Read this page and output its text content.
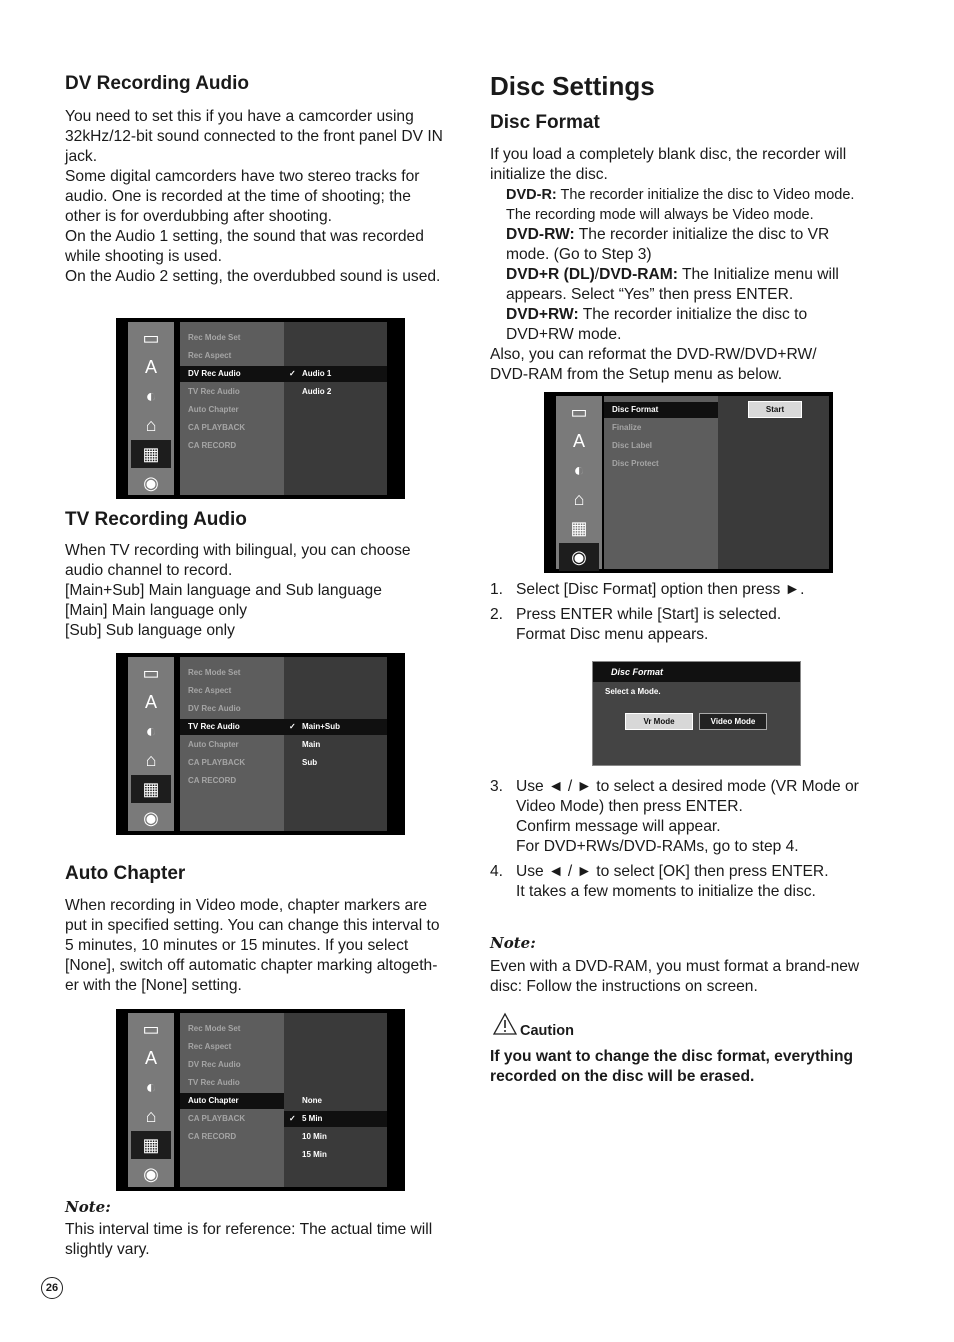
DV Recording Audio
You need to set this if you have a camcorder using
32kHz/12-bit sound connected to the front panel DV IN
jack.
Some digital camcorders have two stereo tracks for
audio. One is recorded at the time of shooting; the
other is for overdubbing after shooting.
On the Audio 1 setting, the sound that was recorded
while shooting is used.
On the Audio 2 setting, the overdubbed sound is used.
▭
A
◐
⌂
▦
◉
Rec Mode Set
Rec Aspect
DV Rec Audio
TV Rec Audio
Auto Chapter
CA PLAYBACK
CA RECORD
✓ Audio 1
Audio 2
TV Recording Audio
When TV recording with bilingual, you can choose
audio channel to record.
[Main+Sub] Main language and Sub language
[Main] Main language only
[Sub] Sub language only
▭
A
◐
⌂
▦
◉
Rec Mode Set
Rec Aspect
DV Rec Audio
TV Rec Audio
Auto Chapter
CA PLAYBACK
CA RECORD
✓ Main+Sub
Main
Sub
Auto Chapter
When recording in Video mode, chapter markers are
put in specified setting. You can change this interval to
5 minutes, 10 minutes or 15 minutes. If you select
[None], switch off automatic chapter marking altogeth-
er with the [None] setting.
▭
A
◐
⌂
▦
◉
Rec Mode Set
Rec Aspect
DV Rec Audio
TV Rec Audio
Auto Chapter
CA PLAYBACK
CA RECORD
None
✓ 5 Min
10 Min
15 Min
Note:
This interval time is for reference: The actual time will
slightly vary.
26
Disc Settings
Disc Format
If you load a completely blank disc, the recorder will
initialize the disc.
DVD-R: The recorder initialize the disc to Video mode.
The recording mode will always be Video mode.
DVD-RW: The recorder initialize the disc to VR
mode. (Go to Step 3)
DVD+R (DL)/DVD-RAM: The Initialize menu will
appears. Select “Yes” then press ENTER.
DVD+RW: The recorder initialize the disc to
DVD+RW mode.
Also, you can reformat the DVD-RW/DVD+RW/
DVD-RAM from the Setup menu as below.
▭
A
◐
⌂
▦
◉
Disc Format
Finalize
Disc Label
Disc Protect
Start
1. Select [Disc Format] option then press ►.
2. Press ENTER while [Start] is selected.
Format Disc menu appears.
Disc Format
Select a Mode.
Vr Mode	Video Mode
3. Use ◄ / ► to select a desired mode (VR Mode or
Video Mode) then press ENTER.
Confirm message will appear.
For DVD+RWs/DVD-RAMs, go to step 4.
4. Use ◄ / ► to select [OK] then press ENTER.
It takes a few moments to initialize the disc.
Note:
Even with a DVD-RAM, you must format a brand-new
disc: Follow the instructions on screen.
Caution
If you want to change the disc format, everything
recorded on the disc will be erased.
